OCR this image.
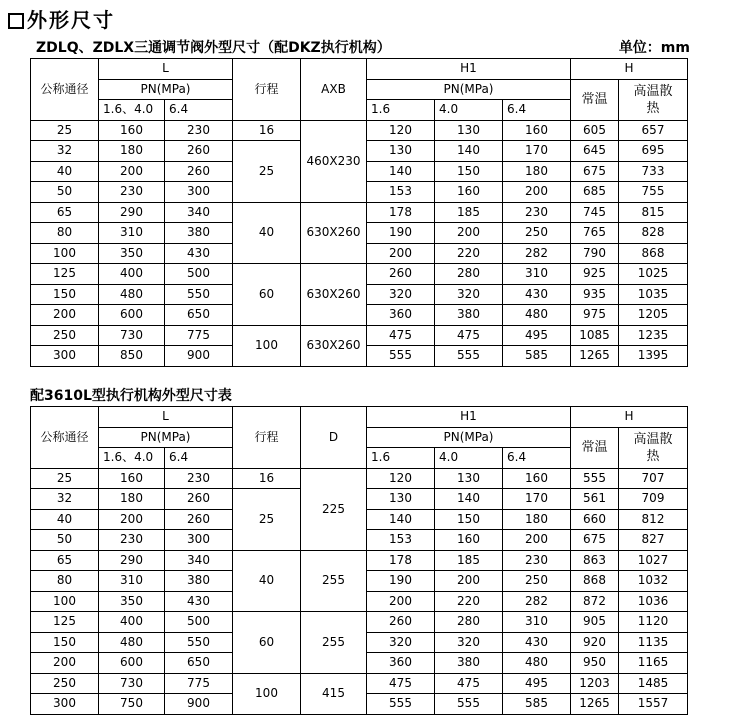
外形尺寸
ZDLQ、ZDLX三通调节阀外型尺寸（配DKZ执行机构）	单位：mm
公称通径	L		行程	AXB	H1			H	
	PN(MPa)				PN(MPa)			常温	高温散热
	1.6、4.0	6.4			1.6	4.0	6.4		
25	160	230	16	460X230	120	130	160	605	657
32	180	260	25		130	140	170	645	695
40	200	260			140	150	180	675	733
50	230	300			153	160	200	685	755
65	290	340	40	630X260	178	185	230	745	815
80	310	380			190	200	250	765	828
100	350	430			200	220	282	790	868
125	400	500	60	630X260	260	280	310	925	1025
150	480	550			320	320	430	935	1035
200	600	650			360	380	480	975	1205
250	730	775	100	630X260	475	475	495	1085	1235
300	850	900			555	555	585	1265	1395
配3610L型执行机构外型尺寸表
公称通径	L		行程	D	H1			H	
	PN(MPa)				PN(MPa)			常温	高温散热
	1.6、4.0	6.4			1.6	4.0	6.4		
25	160	230	16	225	120	130	160	555	707
32	180	260	25		130	140	170	561	709
40	200	260			140	150	180	660	812
50	230	300			153	160	200	675	827
65	290	340	40	255	178	185	230	863	1027
80	310	380			190	200	250	868	1032
100	350	430			200	220	282	872	1036
125	400	500	60	255	260	280	310	905	1120
150	480	550			320	320	430	920	1135
200	600	650			360	380	480	950	1165
250	730	775	100	415	475	475	495	1203	1485
300	750	900			555	555	585	1265	1557
